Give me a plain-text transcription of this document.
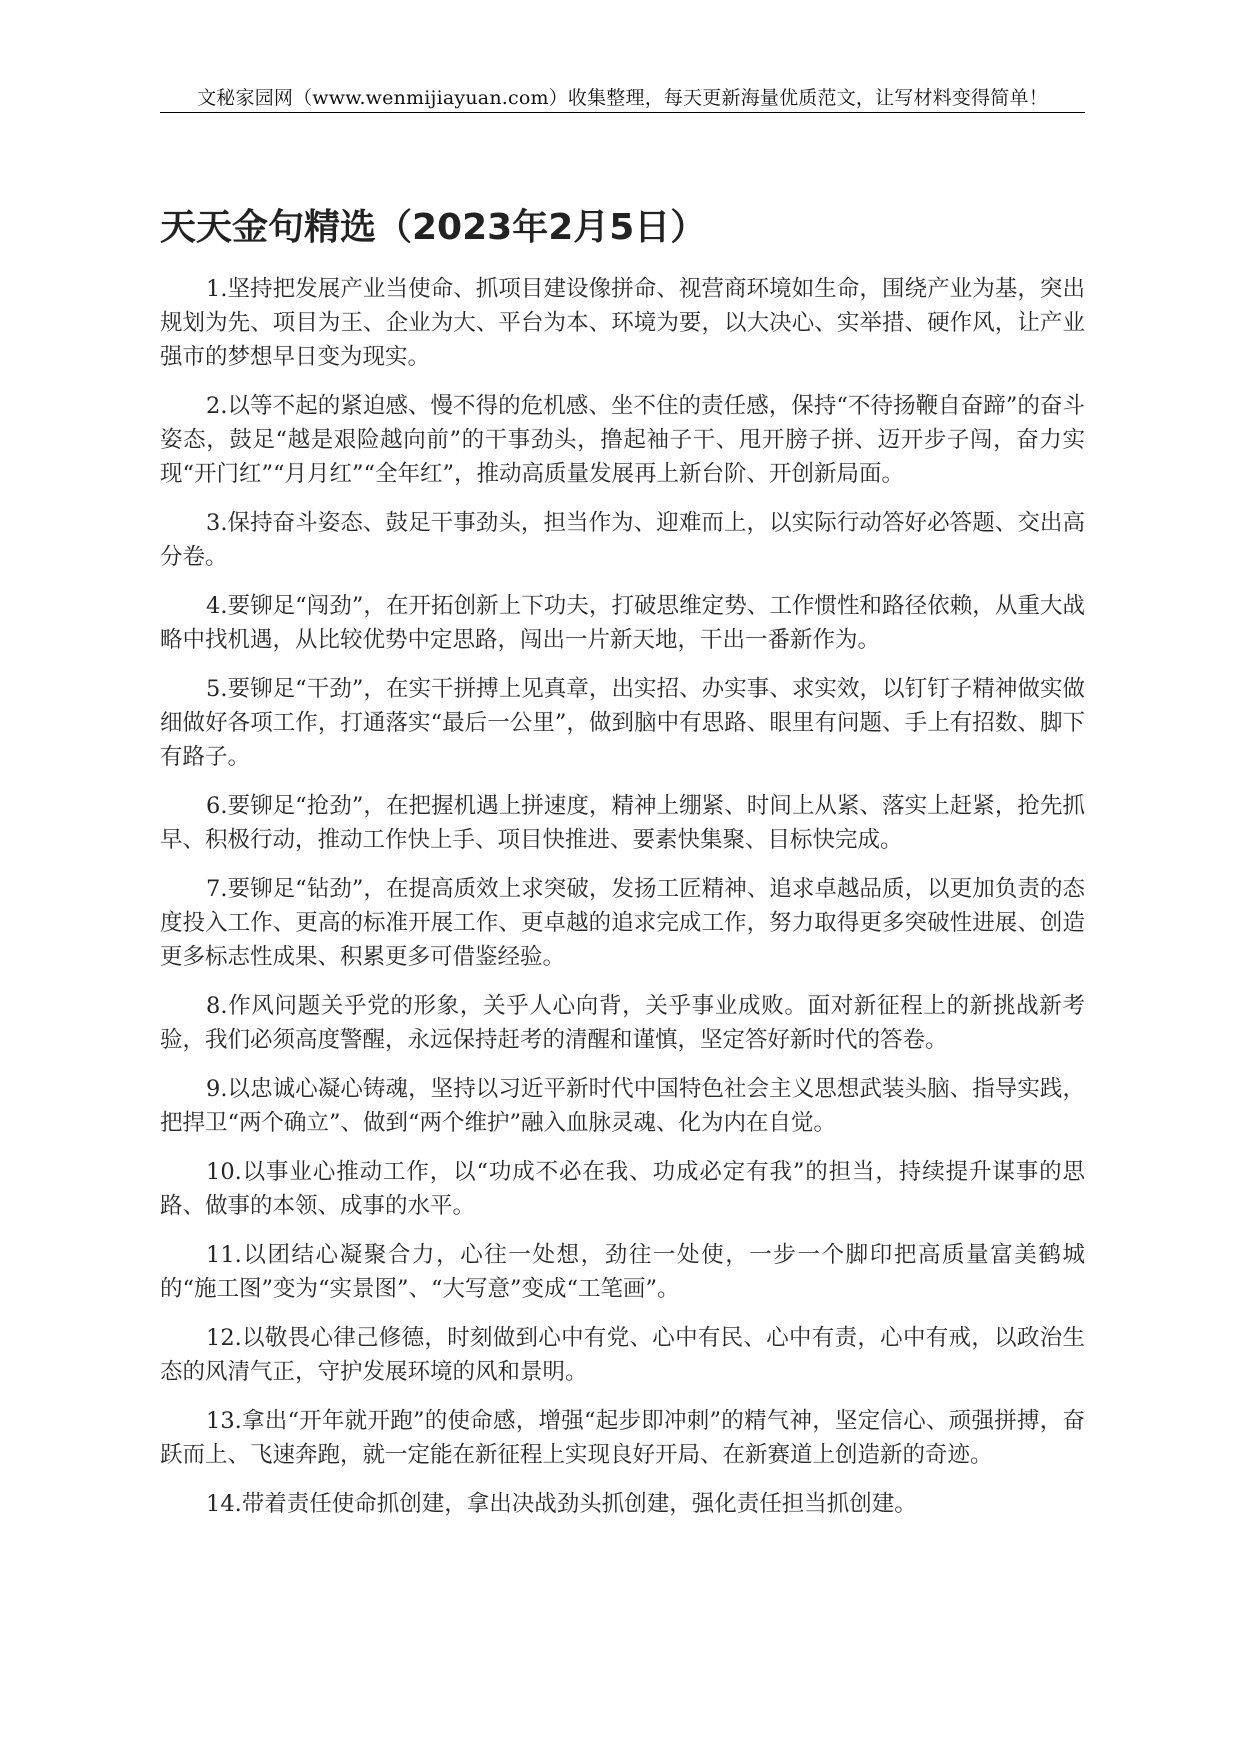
文秘家园网（www.wenmijiayuan.com）收集整理，每天更新海量优质范文，让写材料变得简单！
天天金句精选（2023年2月5日）

1.坚持把发展产业当使命、抓项目建设像拼命、视营商环境如生命，围绕产业为基，突出规划为先、项目为王、企业为大、平台为本、环境为要，以大决心、实举措、硬作风，让产业强市的梦想早日变为现实。

2.以等不起的紧迫感、慢不得的危机感、坐不住的责任感，保持“不待扬鞭自奋蹄”的奋斗姿态，鼓足“越是艰险越向前”的干事劲头，撸起袖子干、甩开膀子拼、迈开步子闯，奋力实现“开门红”“月月红”“全年红”，推动高质量发展再上新台阶、开创新局面。

3.保持奋斗姿态、鼓足干事劲头，担当作为、迎难而上，以实际行动答好必答题、交出高分卷。

4.要铆足“闯劲”，在开拓创新上下功夫，打破思维定势、工作惯性和路径依赖，从重大战略中找机遇，从比较优势中定思路，闯出一片新天地，干出一番新作为。

5.要铆足“干劲”，在实干拼搏上见真章，出实招、办实事、求实效，以钉钉子精神做实做细做好各项工作，打通落实“最后一公里”，做到脑中有思路、眼里有问题、手上有招数、脚下有路子。

6.要铆足“抢劲”，在把握机遇上拼速度，精神上绷紧、时间上从紧、落实上赶紧，抢先抓早、积极行动，推动工作快上手、项目快推进、要素快集聚、目标快完成。

7.要铆足“钻劲”，在提高质效上求突破，发扬工匠精神、追求卓越品质，以更加负责的态度投入工作、更高的标准开展工作、更卓越的追求完成工作，努力取得更多突破性进展、创造更多标志性成果、积累更多可借鉴经验。

8.作风问题关乎党的形象，关乎人心向背，关乎事业成败。面对新征程上的新挑战新考验，我们必须高度警醒，永远保持赶考的清醒和谨慎，坚定答好新时代的答卷。

9.以忠诚心凝心铸魂，坚持以习近平新时代中国特色社会主义思想武装头脑、指导实践，把捍卫“两个确立”、做到“两个维护”融入血脉灵魂、化为内在自觉。

10.以事业心推动工作，以“功成不必在我、功成必定有我”的担当，持续提升谋事的思路、做事的本领、成事的水平。

11.以团结心凝聚合力，心往一处想，劲往一处使，一步一个脚印把高质量富美鹤城的“施工图”变为“实景图”、“大写意”变成“工笔画”。

12.以敬畏心律己修德，时刻做到心中有党、心中有民、心中有责，心中有戒，以政治生态的风清气正，守护发展环境的风和景明。

13.拿出“开年就开跑”的使命感，增强“起步即冲刺”的精气神，坚定信心、顽强拼搏，奋跃而上、飞速奔跑，就一定能在新征程上实现良好开局、在新赛道上创造新的奇迹。

14.带着责任使命抓创建，拿出决战劲头抓创建，强化责任担当抓创建。
